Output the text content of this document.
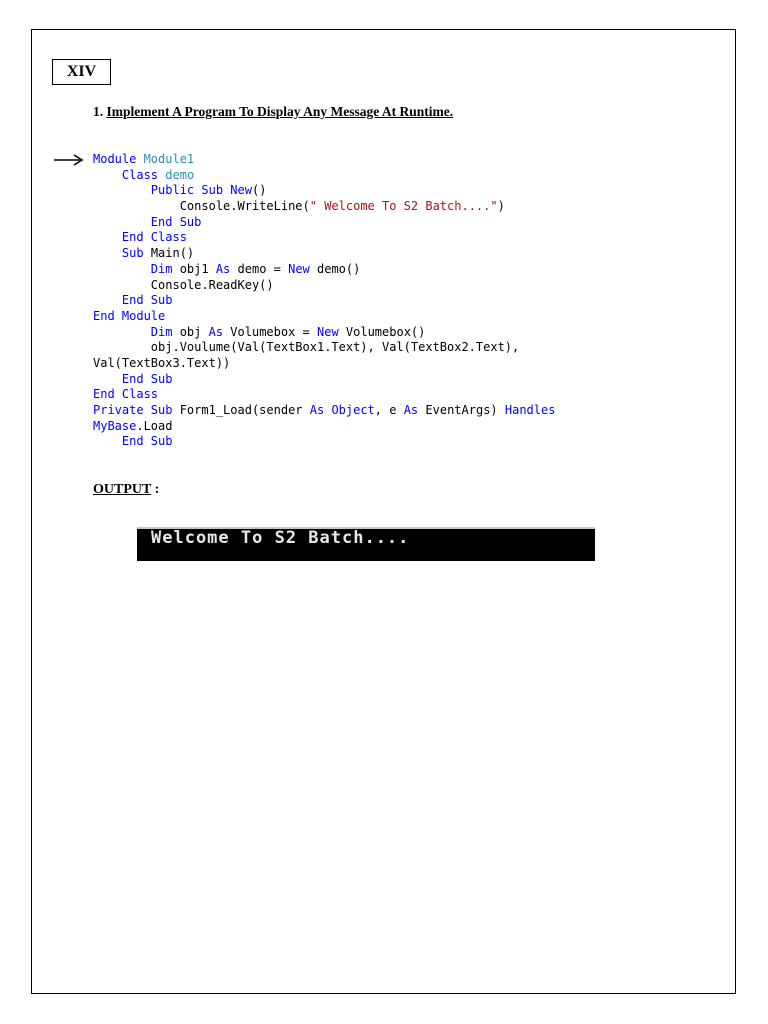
XIV
1. Implement A Program To Display Any Message At Runtime.
Module Module1
Class demo
Public Sub New()
Console.WriteLine(" Welcome To S2 Batch....")
End Sub
End Class
Sub Main()
Dim obj1 As demo = New demo()
Console.ReadKey()
End Sub
End Module
Dim obj As Volumebox = New Volumebox()
obj.Voulume(Val(TextBox1.Text), Val(TextBox2.Text),
Val(TextBox3.Text))
End Sub
End Class
Private Sub Form1_Load(sender As Object, e As EventArgs) Handles
MyBase.Load
End Sub
OUTPUT :
Welcome To S2 Batch....
